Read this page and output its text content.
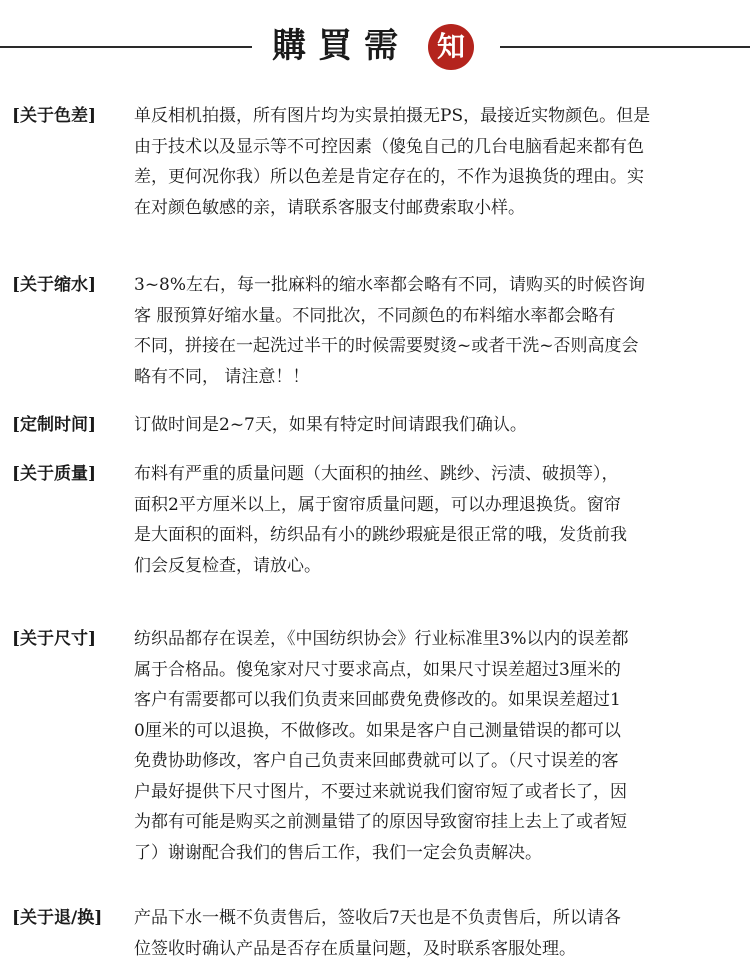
購買需 知
[关于色差] 单反相机拍摄，所有图片均为实景拍摄无PS，最接近实物颜色。但是
由于技术以及显示等不可控因素（傻兔自己的几台电脑看起来都有色
差，更何况你我）所以色差是肯定存在的，不作为退换货的理由。实
在对颜色敏感的亲，请联系客服支付邮费索取小样。
[关于缩水] 3~8%左右，每一批麻料的缩水率都会略有不同，请购买的时候咨询
客 服预算好缩水量。不同批次，不同颜色的布料缩水率都会略有
不同，拼接在一起洗过半干的时候需要熨烫~或者干洗~否则高度会
略有不同， 请注意！！
[定制时间] 订做时间是2~7天，如果有特定时间请跟我们确认。
[关于质量] 布料有严重的质量问题（大面积的抽丝、跳纱、污渍、破损等），
面积2平方厘米以上，属于窗帘质量问题，可以办理退换货。窗帘
是大面积的面料，纺织品有小的跳纱瑕疵是很正常的哦，发货前我
们会反复检查，请放心。
[关于尺寸] 纺织品都存在误差，《中国纺织协会》行业标准里3%以内的误差都
属于合格品。傻兔家对尺寸要求高点，如果尺寸误差超过3厘米的
客户有需要都可以我们负责来回邮费免费修改的。如果误差超过1
0厘米的可以退换，不做修改。如果是客户自己测量错误的都可以
免费协助修改，客户自己负责来回邮费就可以了。（尺寸误差的客
户最好提供下尺寸图片，不要过来就说我们窗帘短了或者长了，因
为都有可能是购买之前测量错了的原因导致窗帘挂上去上了或者短
了）谢谢配合我们的售后工作，我们一定会负责解决。
[关于退/换] 产品下水一概不负责售后，签收后7天也是不负责售后，所以请各
位签收时确认产品是否存在质量问题，及时联系客服处理。
